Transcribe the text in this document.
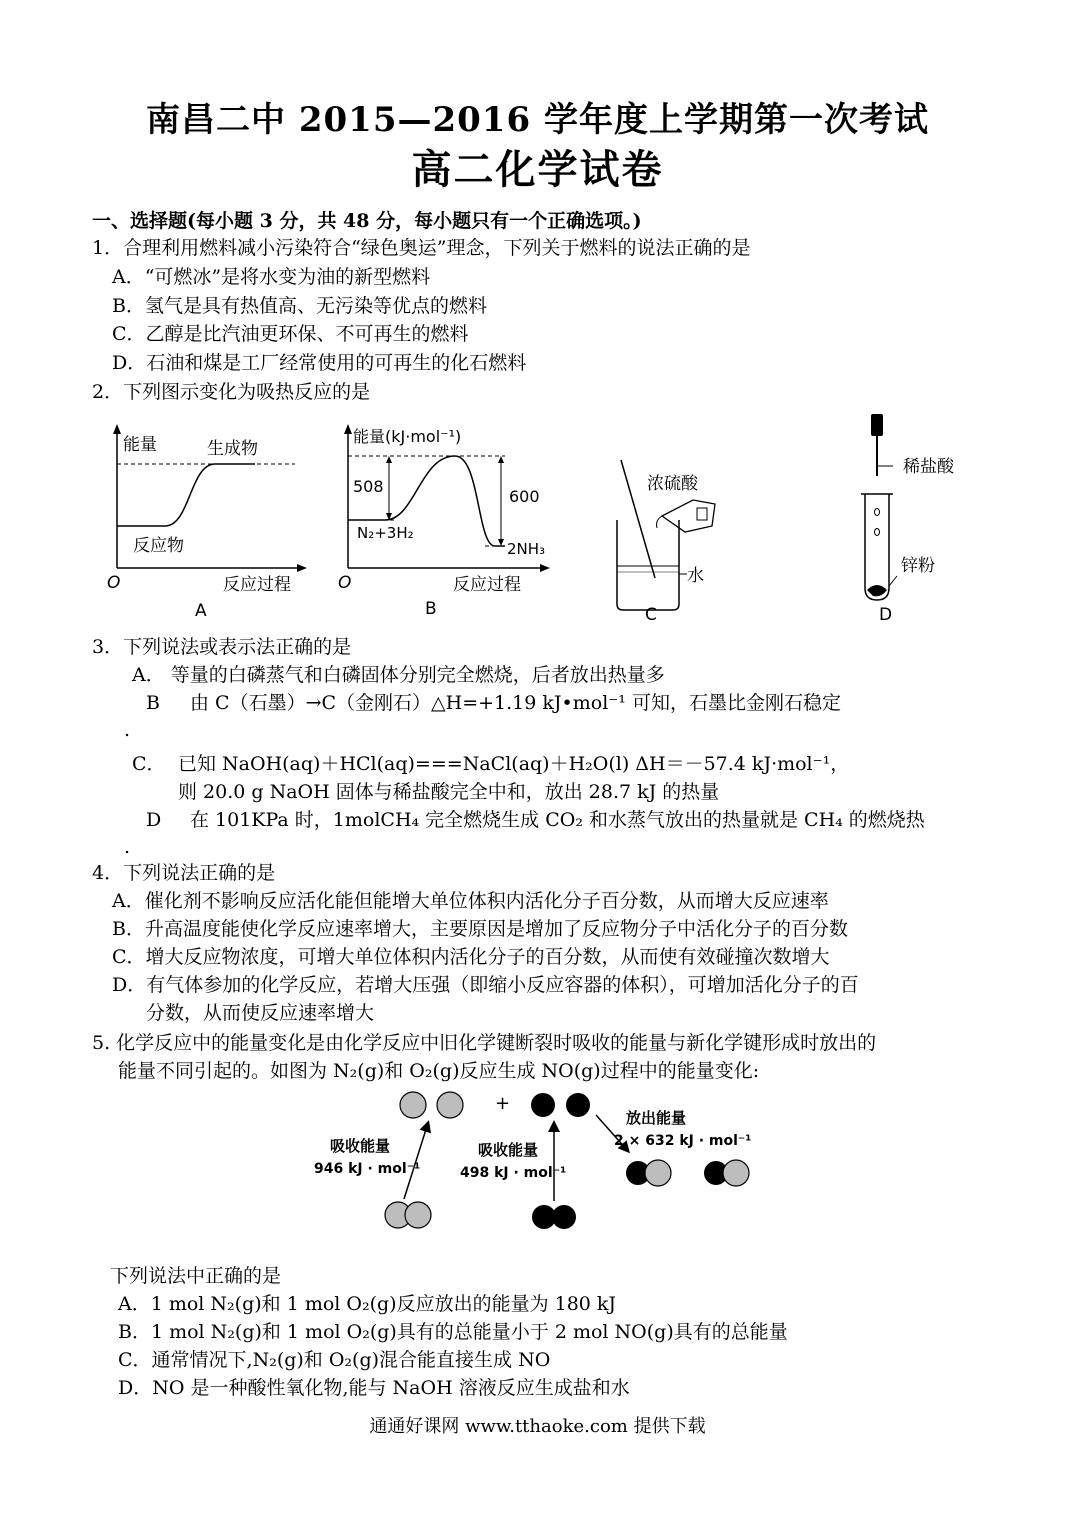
南昌二中 2015—2016 学年度上学期第一次考试
高二化学试卷
一、选择题(每小题 3 分，共 48 分，每小题只有一个正确选项。)
1．合理利用燃料减小污染符合“绿色奥运”理念，下列关于燃料的说法正确的是
A．“可燃冰”是将水变为油的新型燃料
B．氢气是具有热值高、无污染等优点的燃料
C．乙醇是比汽油更环保、不可再生的燃料
D．石油和煤是工厂经常使用的可再生的化石燃料
2．下列图示变化为吸热反应的是
能量	生成物
反应物
O	反应过程
A
能量(kJ·mol⁻¹)
508
600
N₂+3H₂
2NH₃
O	反应过程
B
浓硫酸
水
C
稀盐酸
锌粉
D
3．下列说法或表示法正确的是
A． 等量的白磷蒸气和白磷固体分别完全燃烧，后者放出热量多
B 由 C（石墨）→C（金刚石）△H=+1.19 kJ•mol⁻¹ 可知，石墨比金刚石稳定
.
C． 已知 NaOH(aq)＋HCl(aq)===NaCl(aq)＋H₂O(l) ΔH＝－57.4 kJ·mol⁻¹，
则 20.0 g NaOH 固体与稀盐酸完全中和，放出 28.7 kJ 的热量
D 在 101KPa 时，1molCH₄ 完全燃烧生成 CO₂ 和水蒸气放出的热量就是 CH₄ 的燃烧热
.
4．下列说法正确的是
A．催化剂不影响反应活化能但能增大单位体积内活化分子百分数，从而增大反应速率
B．升高温度能使化学反应速率增大，主要原因是增加了反应物分子中活化分子的百分数
C．增大反应物浓度，可增大单位体积内活化分子的百分数，从而使有效碰撞次数增大
D．有气体参加的化学反应，若增大压强（即缩小反应容器的体积），可增加活化分子的百
分数，从而使反应速率增大
5. 化学反应中的能量变化是由化学反应中旧化学键断裂时吸收的能量与新化学键形成时放出的
能量不同引起的。如图为 N₂(g)和 O₂(g)反应生成 NO(g)过程中的能量变化:
+
吸收能量
946 kJ · mol⁻¹
吸收能量
498 kJ · mol⁻¹
放出能量
2 × 632 kJ · mol⁻¹
下列说法中正确的是
A．1 mol N₂(g)和 1 mol O₂(g)反应放出的能量为 180 kJ
B．1 mol N₂(g)和 1 mol O₂(g)具有的总能量小于 2 mol NO(g)具有的总能量
C．通常情况下,N₂(g)和 O₂(g)混合能直接生成 NO
D．NO 是一种酸性氧化物,能与 NaOH 溶液反应生成盐和水
通通好课网 www.tthaoke.com 提供下载
